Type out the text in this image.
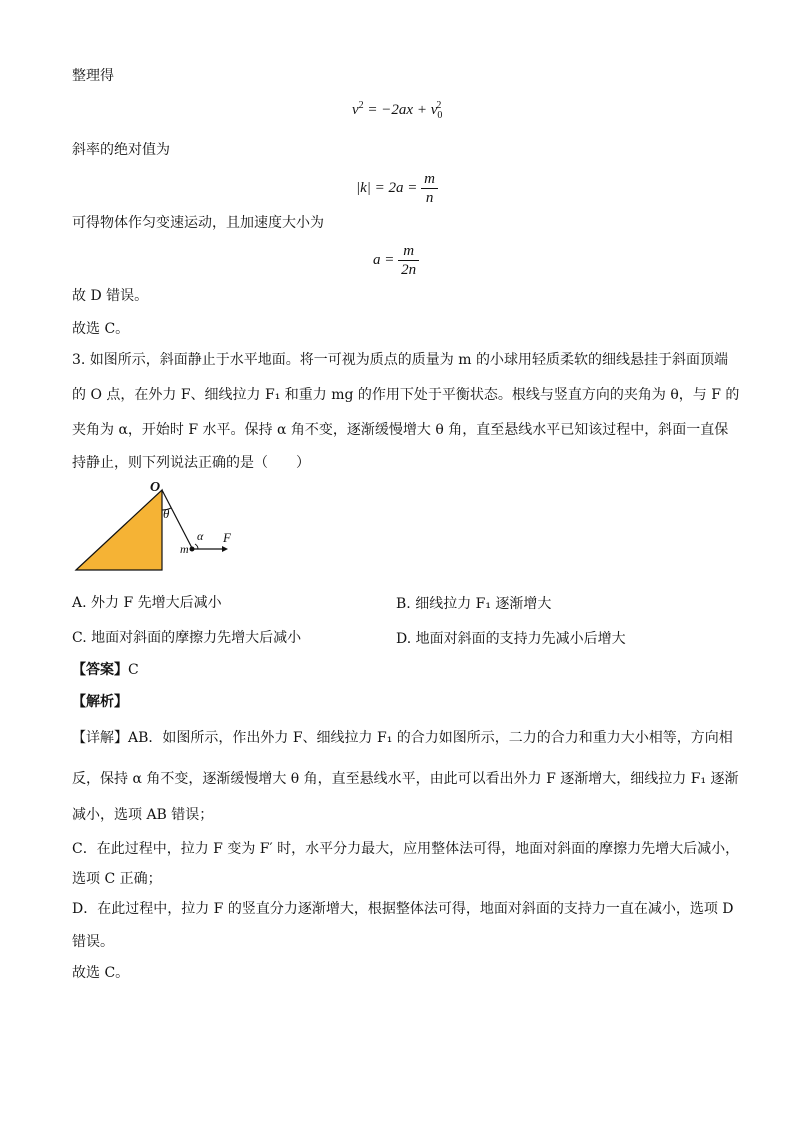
整理得
$v^2 = -2ax + v_0^2$
斜率的绝对值为
$|k| = 2a = \frac{m}{n}$
可得物体作匀变速运动，且加速度大小为
$a = \frac{m}{2n}$
故 D 错误。
故选 C。
3. 如图所示，斜面静止于水平地面。将一可视为质点的质量为 m 的小球用轻质柔软的细线悬挂于斜面顶端
的 O 点，在外力 F、细线拉力 F₁ 和重力 mg 的作用下处于平衡状态。根线与竖直方向的夹角为 θ，与 F 的
夹角为 α，开始时 F 水平。保持 α 角不变，逐渐缓慢增大 θ 角，直至悬线水平已知该过程中，斜面一直保
持静止，则下列说法正确的是（　　）
O
θ
α F
m
A. 外力 F 先增大后减小	B. 细线拉力 F₁ 逐渐增大
C. 地面对斜面的摩擦力先增大后减小	D. 地面对斜面的支持力先减小后增大
【答案】C
【解析】
【详解】AB．如图所示，作出外力 F、细线拉力 F₁ 的合力如图所示，二力的合力和重力大小相等，方向相
反，保持 α 角不变，逐渐缓慢增大 θ 角，直至悬线水平，由此可以看出外力 F 逐渐增大，细线拉力 F₁ 逐渐
减小，选项 AB 错误；
C．在此过程中，拉力 F 变为 F′ 时，水平分力最大，应用整体法可得，地面对斜面的摩擦力先增大后减小，
选项 C 正确；
D．在此过程中，拉力 F 的竖直分力逐渐增大，根据整体法可得，地面对斜面的支持力一直在减小，选项 D
错误。
故选 C。
